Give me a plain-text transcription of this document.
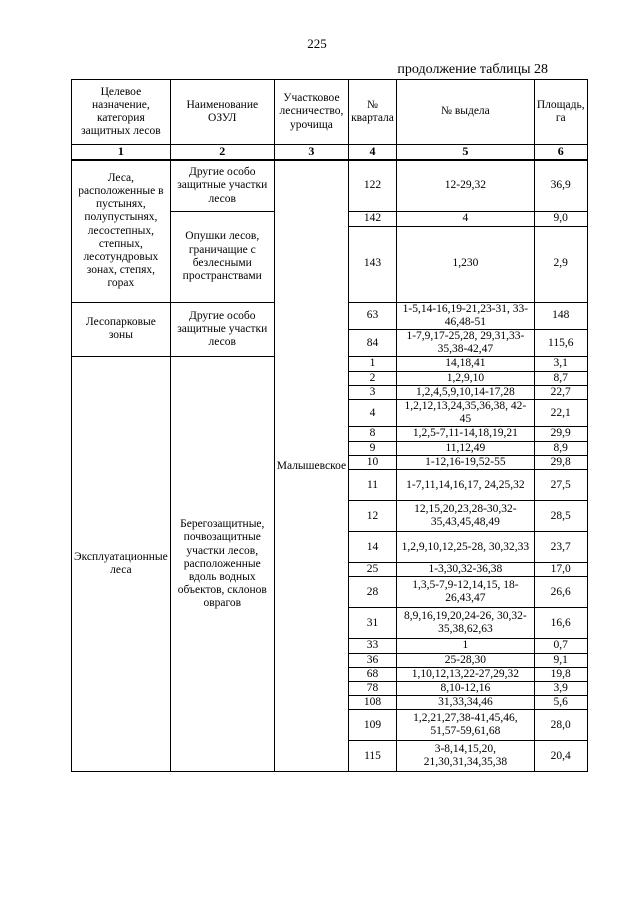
225
продолжение таблицы 28
Целевое назначение, категория защитных лесов	Наименование ОЗУЛ	Участковое лесничество, урочища	№ квартала	№ выдела	Площадь, га
1	2	3	4	5	6
Леса, расположенные в пустынях, полупустынях, лесостепных, степных, лесотундровых зонах, степях, горах	Другие особо защитные участки лесов	Малышевское	122	12-29,32	36,9
	Опушки лесов, граничащие с безлесными пространствами		142	4	9,0
			143	1,230	2,9
Лесопарковые зоны	Другие особо защитные участки лесов		63	1-5,14-16,19-21,23-31, 33-46,48-51	148
			84	1-7,9,17-25,28, 29,31,33-35,38-42,47	115,6
Эксплуатационные леса	Берегозащитные, почвозащитные участки лесов, расположенные вдоль водных объектов, склонов оврагов		1	14,18,41	3,1
			2	1,2,9,10	8,7
			3	1,2,4,5,9,10,14-17,28	22,7
			4	1,2,12,13,24,35,36,38, 42-45	22,1
			8	1,2,5-7,11-14,18,19,21	29,9
			9	11,12,49	8,9
			10	1-12,16-19,52-55	29,8
			11	1-7,11,14,16,17, 24,25,32	27,5
			12	12,15,20,23,28-30,32- 35,43,45,48,49	28,5
			14	1,2,9,10,12,25-28, 30,32,33	23,7
			25	1-3,30,32-36,38	17,0
			28	1,3,5-7,9-12,14,15, 18-26,43,47	26,6
			31	8,9,16,19,20,24-26, 30,32-35,38,62,63	16,6
			33	1	0,7
			36	25-28,30	9,1
			68	1,10,12,13,22-27,29,32	19,8
			78	8,10-12,16	3,9
			108	31,33,34,46	5,6
			109	1,2,21,27,38-41,45,46, 51,57-59,61,68	28,0
			115	3-8,14,15,20, 21,30,31,34,35,38	20,4
